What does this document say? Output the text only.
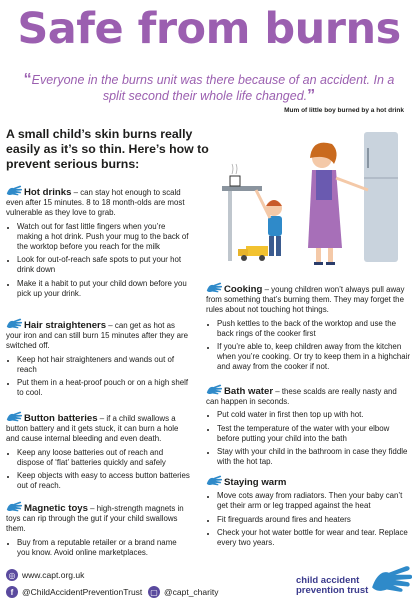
Safe from burns
“Everyone in the burns unit was there because of an accident. In a split second their whole life changed.”
Mum of little boy burned by a hot drink
A small child’s skin burns really easily as it’s so thin. Here’s how to prevent serious burns:

Hot drinks – can stay hot enough to scald even after 15 minutes. 8 to 18 month-olds are most vulnerable as they love to grab.

• Watch out for fast little fingers when you’re making a hot drink. Push your mug to the back of the worktop before you reach for the milk
• Look for out-of-reach safe spots to put your hot drink down
• Make it a habit to put your child down before you pick up your drink.

Hair straighteners – can get as hot as your iron and can still burn 15 minutes after they are switched off.

• Keep hot hair straighteners and wands out of reach
• Put them in a heat-proof pouch or on a high shelf to cool.

Button batteries – if a child swallows a button battery and it gets stuck, it can burn a hole and cause internal bleeding and even death.

• Keep any loose batteries out of reach and dispose of ‘flat’ batteries quickly and safely
• Keep objects with easy to access button batteries out of reach.

Magnetic toys – high-strength magnets in toys can rip through the gut if your child swallows them.

• Buy from a reputable retailer or a brand name you know. Avoid online marketplaces.

Cooking – young children won’t always pull away from something that’s burning them. They may forget the rules about not touching hot things.

• Push kettles to the back of the worktop and use the back rings of the cooker first
• If you’re able to, keep children away from the kitchen when you’re cooking. Or try to keep them in a highchair and away from the cooker if not.

Bath water – these scalds are really nasty and can happen in seconds.

• Put cold water in first then top up with hot.
• Test the temperature of the water with your elbow before putting your child into the bath
• Stay with your child in the bathroom in case they fiddle with the hot tap.

Staying warm

• Move cots away from radiators. Then your baby can’t get their arm or leg trapped against the heat
• Fit fireguards around fires and heaters
• Check your hot water bottle for wear and tear. Replace every two years.
◎ www.capt.org.uk
f	@ChildAccidentPreventionTrust ▢ @capt_charity
child accident prevention trust
